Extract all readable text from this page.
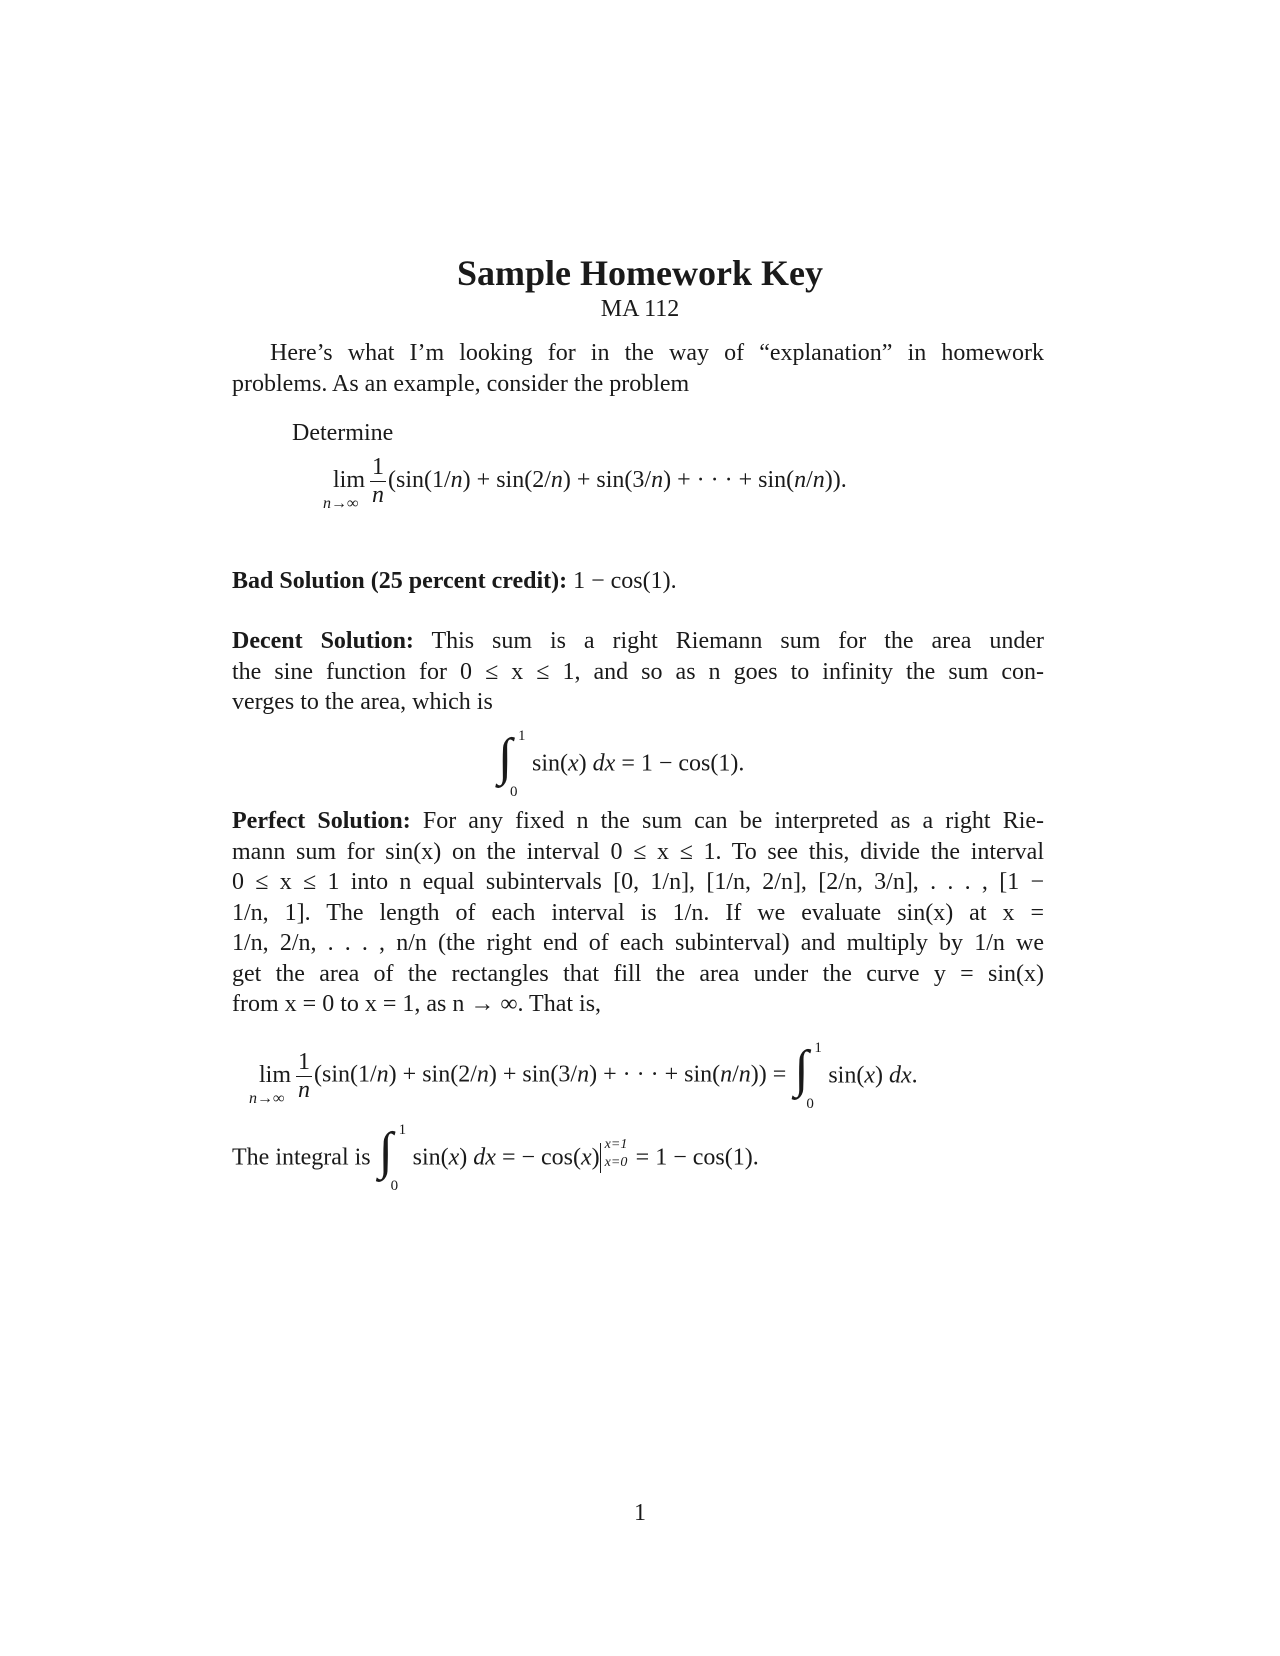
Sample Homework Key
MA 112
Here’s what I’m looking for in the way of “explanation” in homework
problems. As an example, consider the problem
Determine
lim
$n\to\infty \frac{1}{n} (\sin(1/n) + \sin(2/n) + \sin(3/n)$ + · · · + sin(n/n)).
Bad Solution (25 percent credit): 1 − cos(1).
Decent Solution: This sum is a right Riemann sum for the area under
the sine function for 0 ≤ x ≤ 1, and so as n goes to infinity the sum con-
verges to the area, which is
∫ 1
0
sin(x) dx = 1 − cos(1).
Perfect Solution: For any fixed n the sum can be interpreted as a right Rie-
mann sum for sin(x) on the interval 0 ≤ x ≤ 1. To see this, divide the interval
0 ≤ x ≤ 1 into n equal subintervals [0, 1/n], [1/n, 2/n], [2/n, 3/n], . . . , [1 −
1/n, 1]. The length of each interval is 1/n. If we evaluate sin(x) at x =
1/n, 2/n, . . . , n/n (the right end of each subinterval) and multiply by 1/n we
get the area of the rectangles that fill the area under the curve y = sin(x)
from x = 0 to x = 1, as n → ∞. That is,
lim
$n\to\infty \frac{1}{n} (\sin(1/n) + \sin(2/n) + \sin(3/n)$ + · · · + sin(n/n)) = ∫ 1
0
sin(x) dx.
The integral is ∫ 1
0
sin(x) dx = − cos(x) x=1
x=0 = 1 − cos(1).
1
